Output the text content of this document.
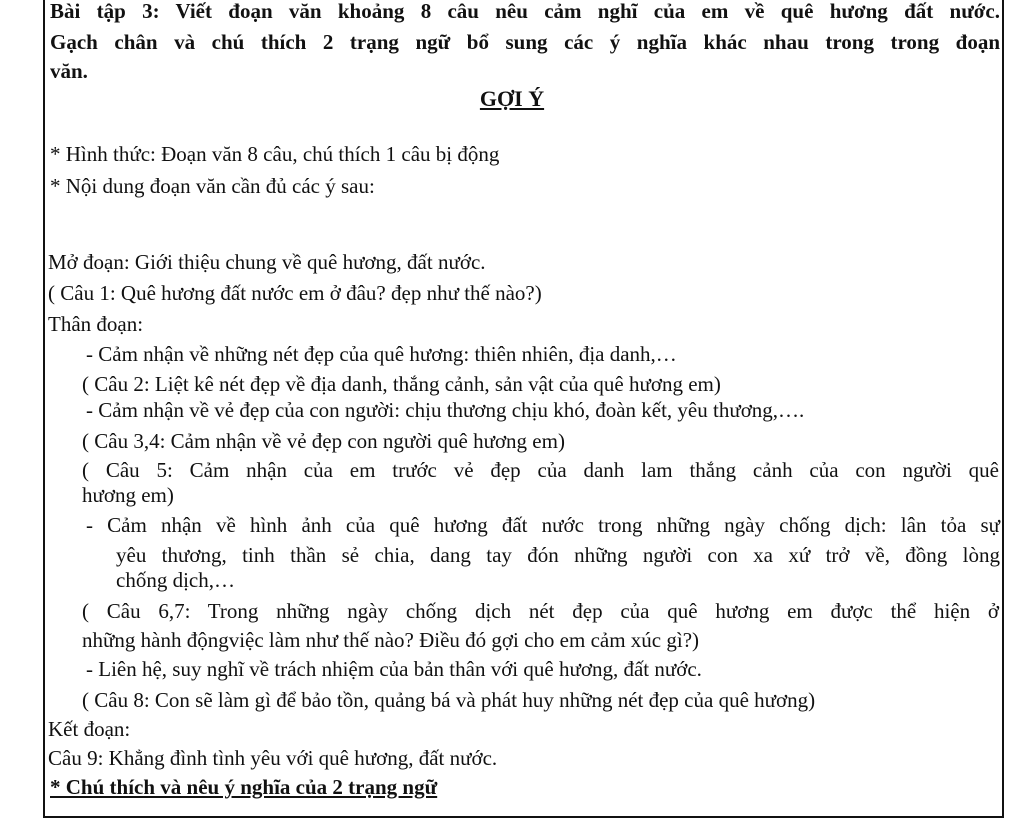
Bài tập 3: Viết đoạn văn khoảng 8 câu nêu cảm nghĩ của em về quê hương đất nước.
Gạch chân và chú thích 2 trạng ngữ bổ sung các ý nghĩa khác nhau trong trong đoạn
văn.
GỢI Ý
* Hình thức: Đoạn văn 8 câu, chú thích 1 câu bị động
* Nội dung đoạn văn cần đủ các ý sau:
Mở đoạn: Giới thiệu chung về quê hương, đất nước.
( Câu 1: Quê hương đất nước em ở đâu? đẹp như thế nào?)
Thân đoạn:
- Cảm nhận về những nét đẹp của quê hương: thiên nhiên, địa danh,…
( Câu 2: Liệt kê nét đẹp về địa danh, thắng cảnh, sản vật của quê hương em)
- Cảm nhận về vẻ đẹp của con người: chịu thương chịu khó, đoàn kết, yêu thương,….
( Câu 3,4: Cảm nhận về vẻ đẹp con người quê hương em)
( Câu 5: Cảm nhận của em trước vẻ đẹp của danh lam thắng cảnh của con người quê
hương em)
- Cảm nhận về hình ảnh của quê hương đất nước trong những ngày chống dịch: lân tỏa sự
yêu thương, tinh thần sẻ chia, dang tay đón những người con xa xứ trở về, đồng lòng
chống dịch,…
( Câu 6,7: Trong những ngày chống dịch nét đẹp của quê hương em được thể hiện ở
những hành độngviệc làm như thế nào? Điều đó gợi cho em cảm xúc gì?)
- Liên hệ, suy nghĩ về trách nhiệm của bản thân với quê hương, đất nước.
( Câu 8: Con sẽ làm gì để bảo tồn, quảng bá và phát huy những nét đẹp của quê hương)
Kết đoạn:
Câu 9: Khẳng đình tình yêu với quê hương, đất nước.
* Chú thích và nêu ý nghĩa của 2 trạng ngữ
